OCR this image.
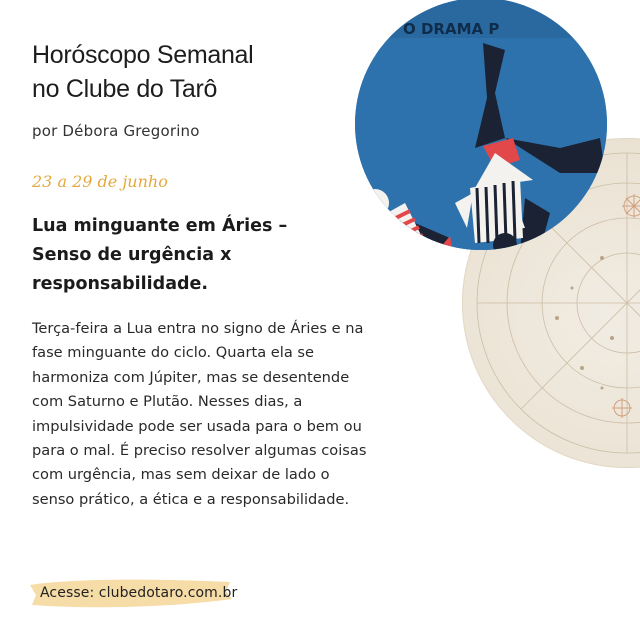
O DRAMA P
Horóscopo Semanal
no Clube do Tarô
por Débora Gregorino
23 a 29 de junho
Lua minguante em Áries –
Senso de urgência x
responsabilidade.
Terça-feira a Lua entra no signo de Áries e na
fase minguante do ciclo. Quarta ela se
harmoniza com Júpiter, mas se desentende
com Saturno e Plutão. Nesses dias, a
impulsividade pode ser usada para o bem ou
para o mal. É preciso resolver algumas coisas
com urgência, mas sem deixar de lado o
senso prático, a ética e a responsabilidade.
Acesse: clubedotaro.com.br
